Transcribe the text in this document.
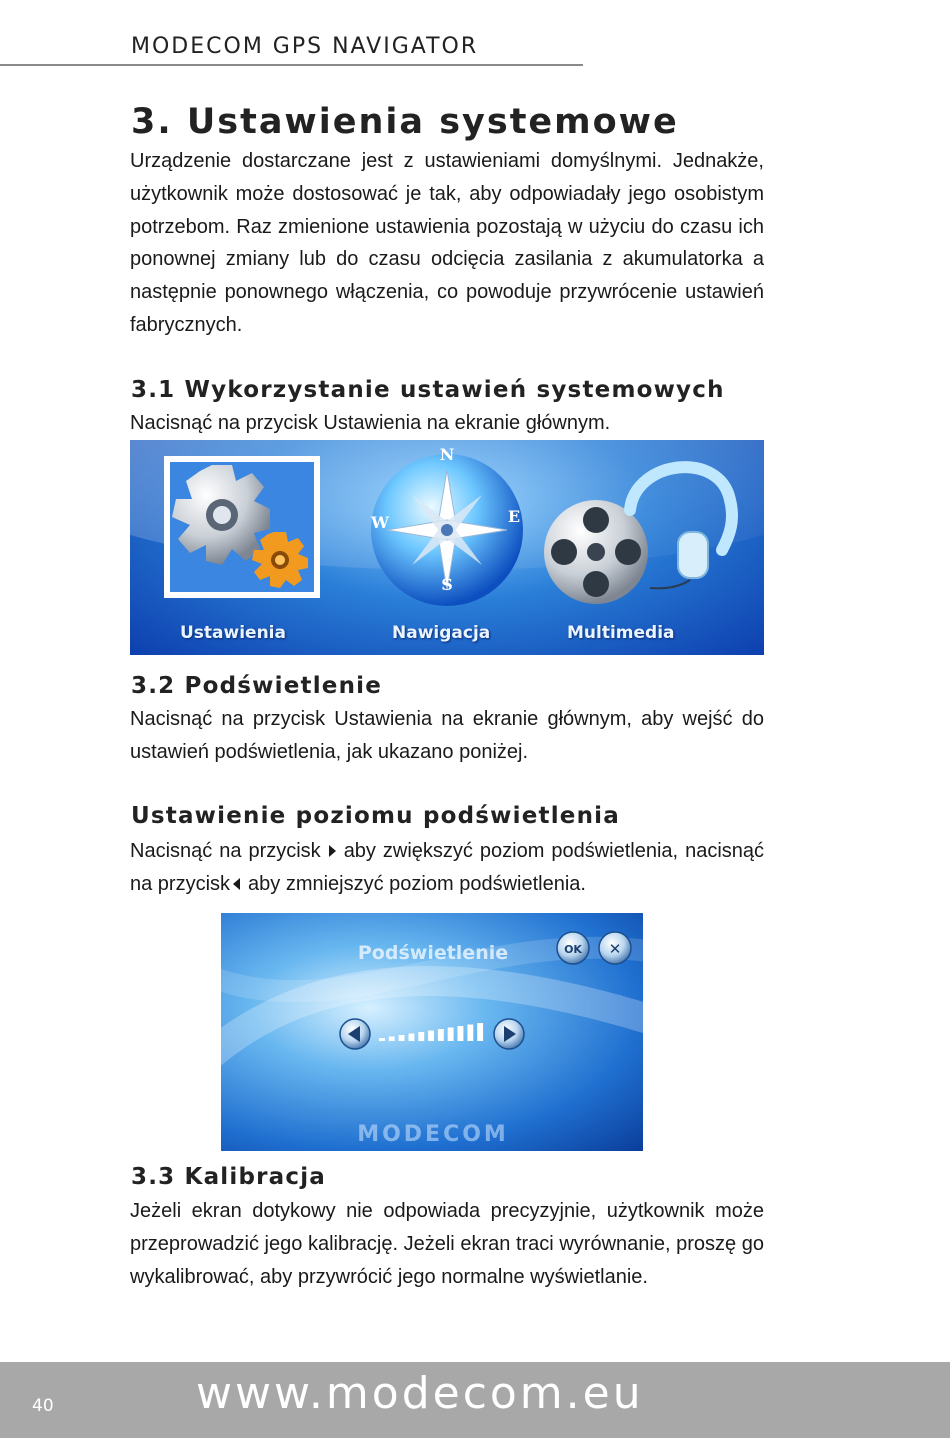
MODECOM GPS NAVIGATOR
3. Ustawienia systemowe

Urządzenie dostarczane jest z ustawieniami domyślnymi. Jednakże, użytkownik może dostosować je tak, aby odpowiadały jego osobistym potrzebom. Raz zmienione ustawienia pozostają w użyciu do czasu ich ponownej zmiany lub do czasu odcięcia zasilania z akumulatorka a następnie ponownego włączenia, co powoduje przywrócenie ustawień fabrycznych.

3.1 Wykorzystanie ustawień systemowych

Nacisnąć na przycisk Ustawienia na ekranie głównym.

N
S
E
W
Ustawienia	Nawigacja	Multimedia
3.2 Podświetlenie

Nacisnąć na przycisk Ustawienia na ekranie głównym, aby wejść do ustawień podświetlenia, jak ukazano poniżej.

Ustawienie poziomu podświetlenia

Nacisnąć na przycisk aby zwiększyć poziom podświetlenia, nacisnąć na przycisk aby zmniejszyć poziom podświetlenia.

Podświetlenie	OK ✕
MODECOM
3.3 Kalibracja

Jeżeli ekran dotykowy nie odpowiada precyzyjnie, użytkownik może przeprowadzić jego kalibrację. Jeżeli ekran traci wyrównanie, proszę go wykalibrować, aby przywrócić jego normalne wyświetlanie.

40	www.modecom.eu
